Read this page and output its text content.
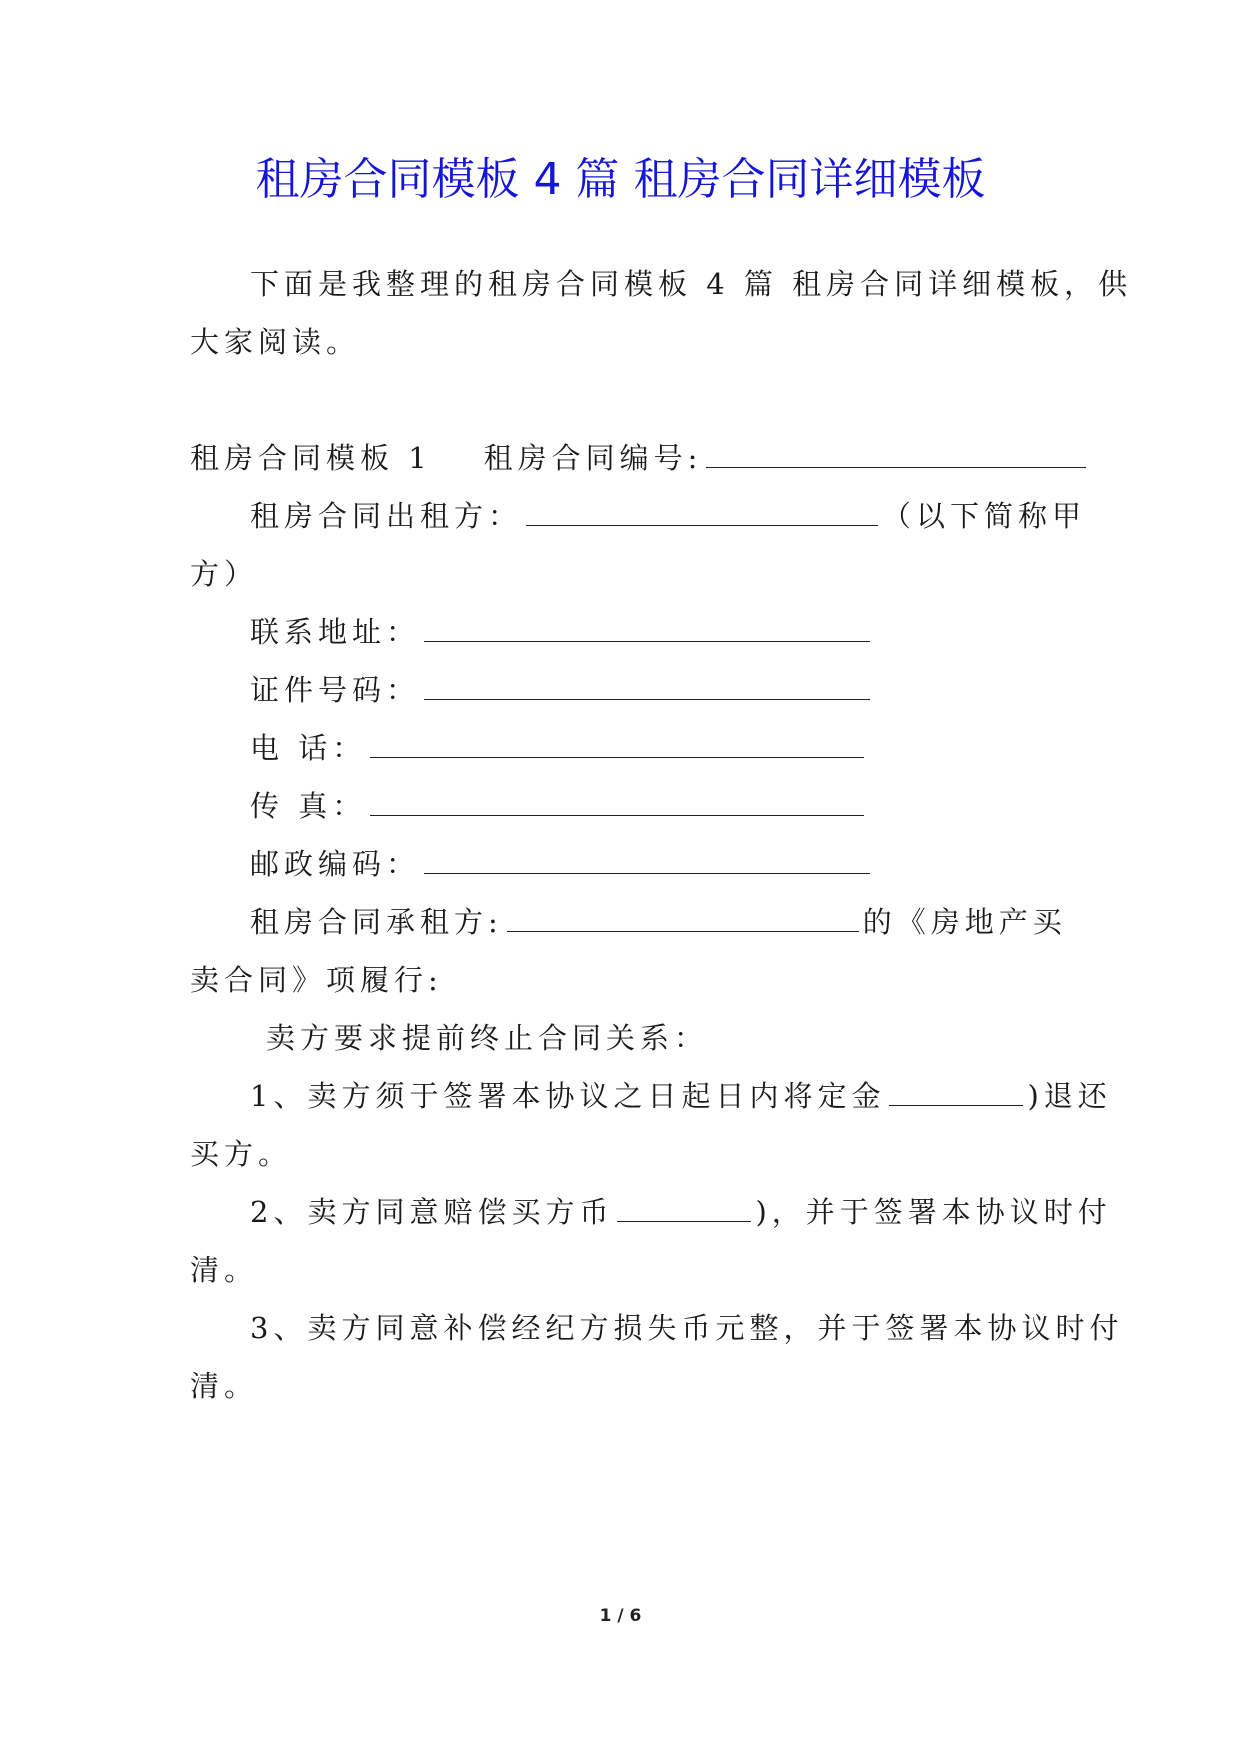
租房合同模板 4 篇 租房合同详细模板
下面是我整理的租房合同模板 4 篇 租房合同详细模板，供
大家阅读。
租房合同模板 1 租房合同编号:
租房合同出租方：	（以下简称甲
方）
联系地址：
证件号码：
电 话：
传 真：
邮政编码：
租房合同承租方:	的《房地产买
卖合同》项履行:
卖方要求提前终止合同关系：
1、卖方须于签署本协议之日起日内将定金	)退还
买方。
2、卖方同意赔偿买方币	)，并于签署本协议时付
清。
3、卖方同意补偿经纪方损失币元整，并于签署本协议时付
清。
1 / 6
